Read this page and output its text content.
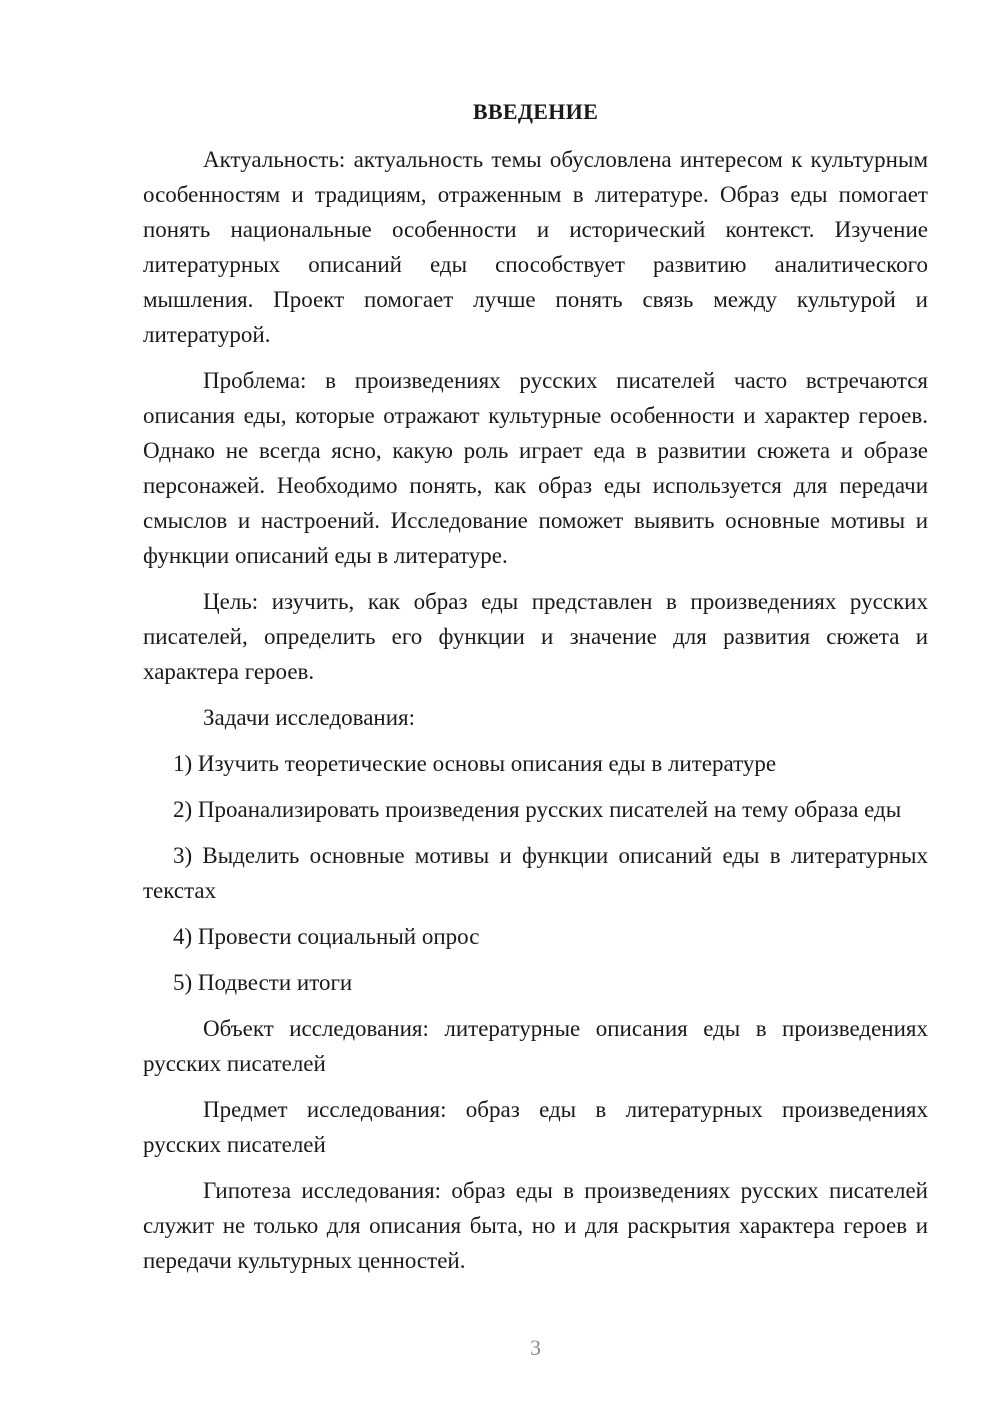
ВВЕДЕНИЕ

Актуальность: актуальность темы обусловлена интересом к культурным особенностям и традициям, отраженным в литературе. Образ еды помогает понять национальные особенности и исторический контекст. Изучение литературных описаний еды способствует развитию аналитического мышления. Проект помогает лучше понять связь между культурой и литературой.

Проблема: в произведениях русских писателей часто встречаются описания еды, которые отражают культурные особенности и характер героев. Однако не всегда ясно, какую роль играет еда в развитии сюжета и образе персонажей. Необходимо понять, как образ еды используется для передачи смыслов и настроений. Исследование поможет выявить основные мотивы и функции описаний еды в литературе.

Цель: изучить, как образ еды представлен в произведениях русских писателей, определить его функции и значение для развития сюжета и характера героев.

Задачи исследования:

1) Изучить теоретические основы описания еды в литературе

2) Проанализировать произведения русских писателей на тему образа еды

3) Выделить основные мотивы и функции описаний еды в литературных текстах

4) Провести социальный опрос

5) Подвести итоги

Объект исследования: литературные описания еды в произведениях русских писателей

Предмет исследования: образ еды в литературных произведениях русских писателей

Гипотеза исследования: образ еды в произведениях русских писателей служит не только для описания быта, но и для раскрытия характера героев и передачи культурных ценностей.

3
